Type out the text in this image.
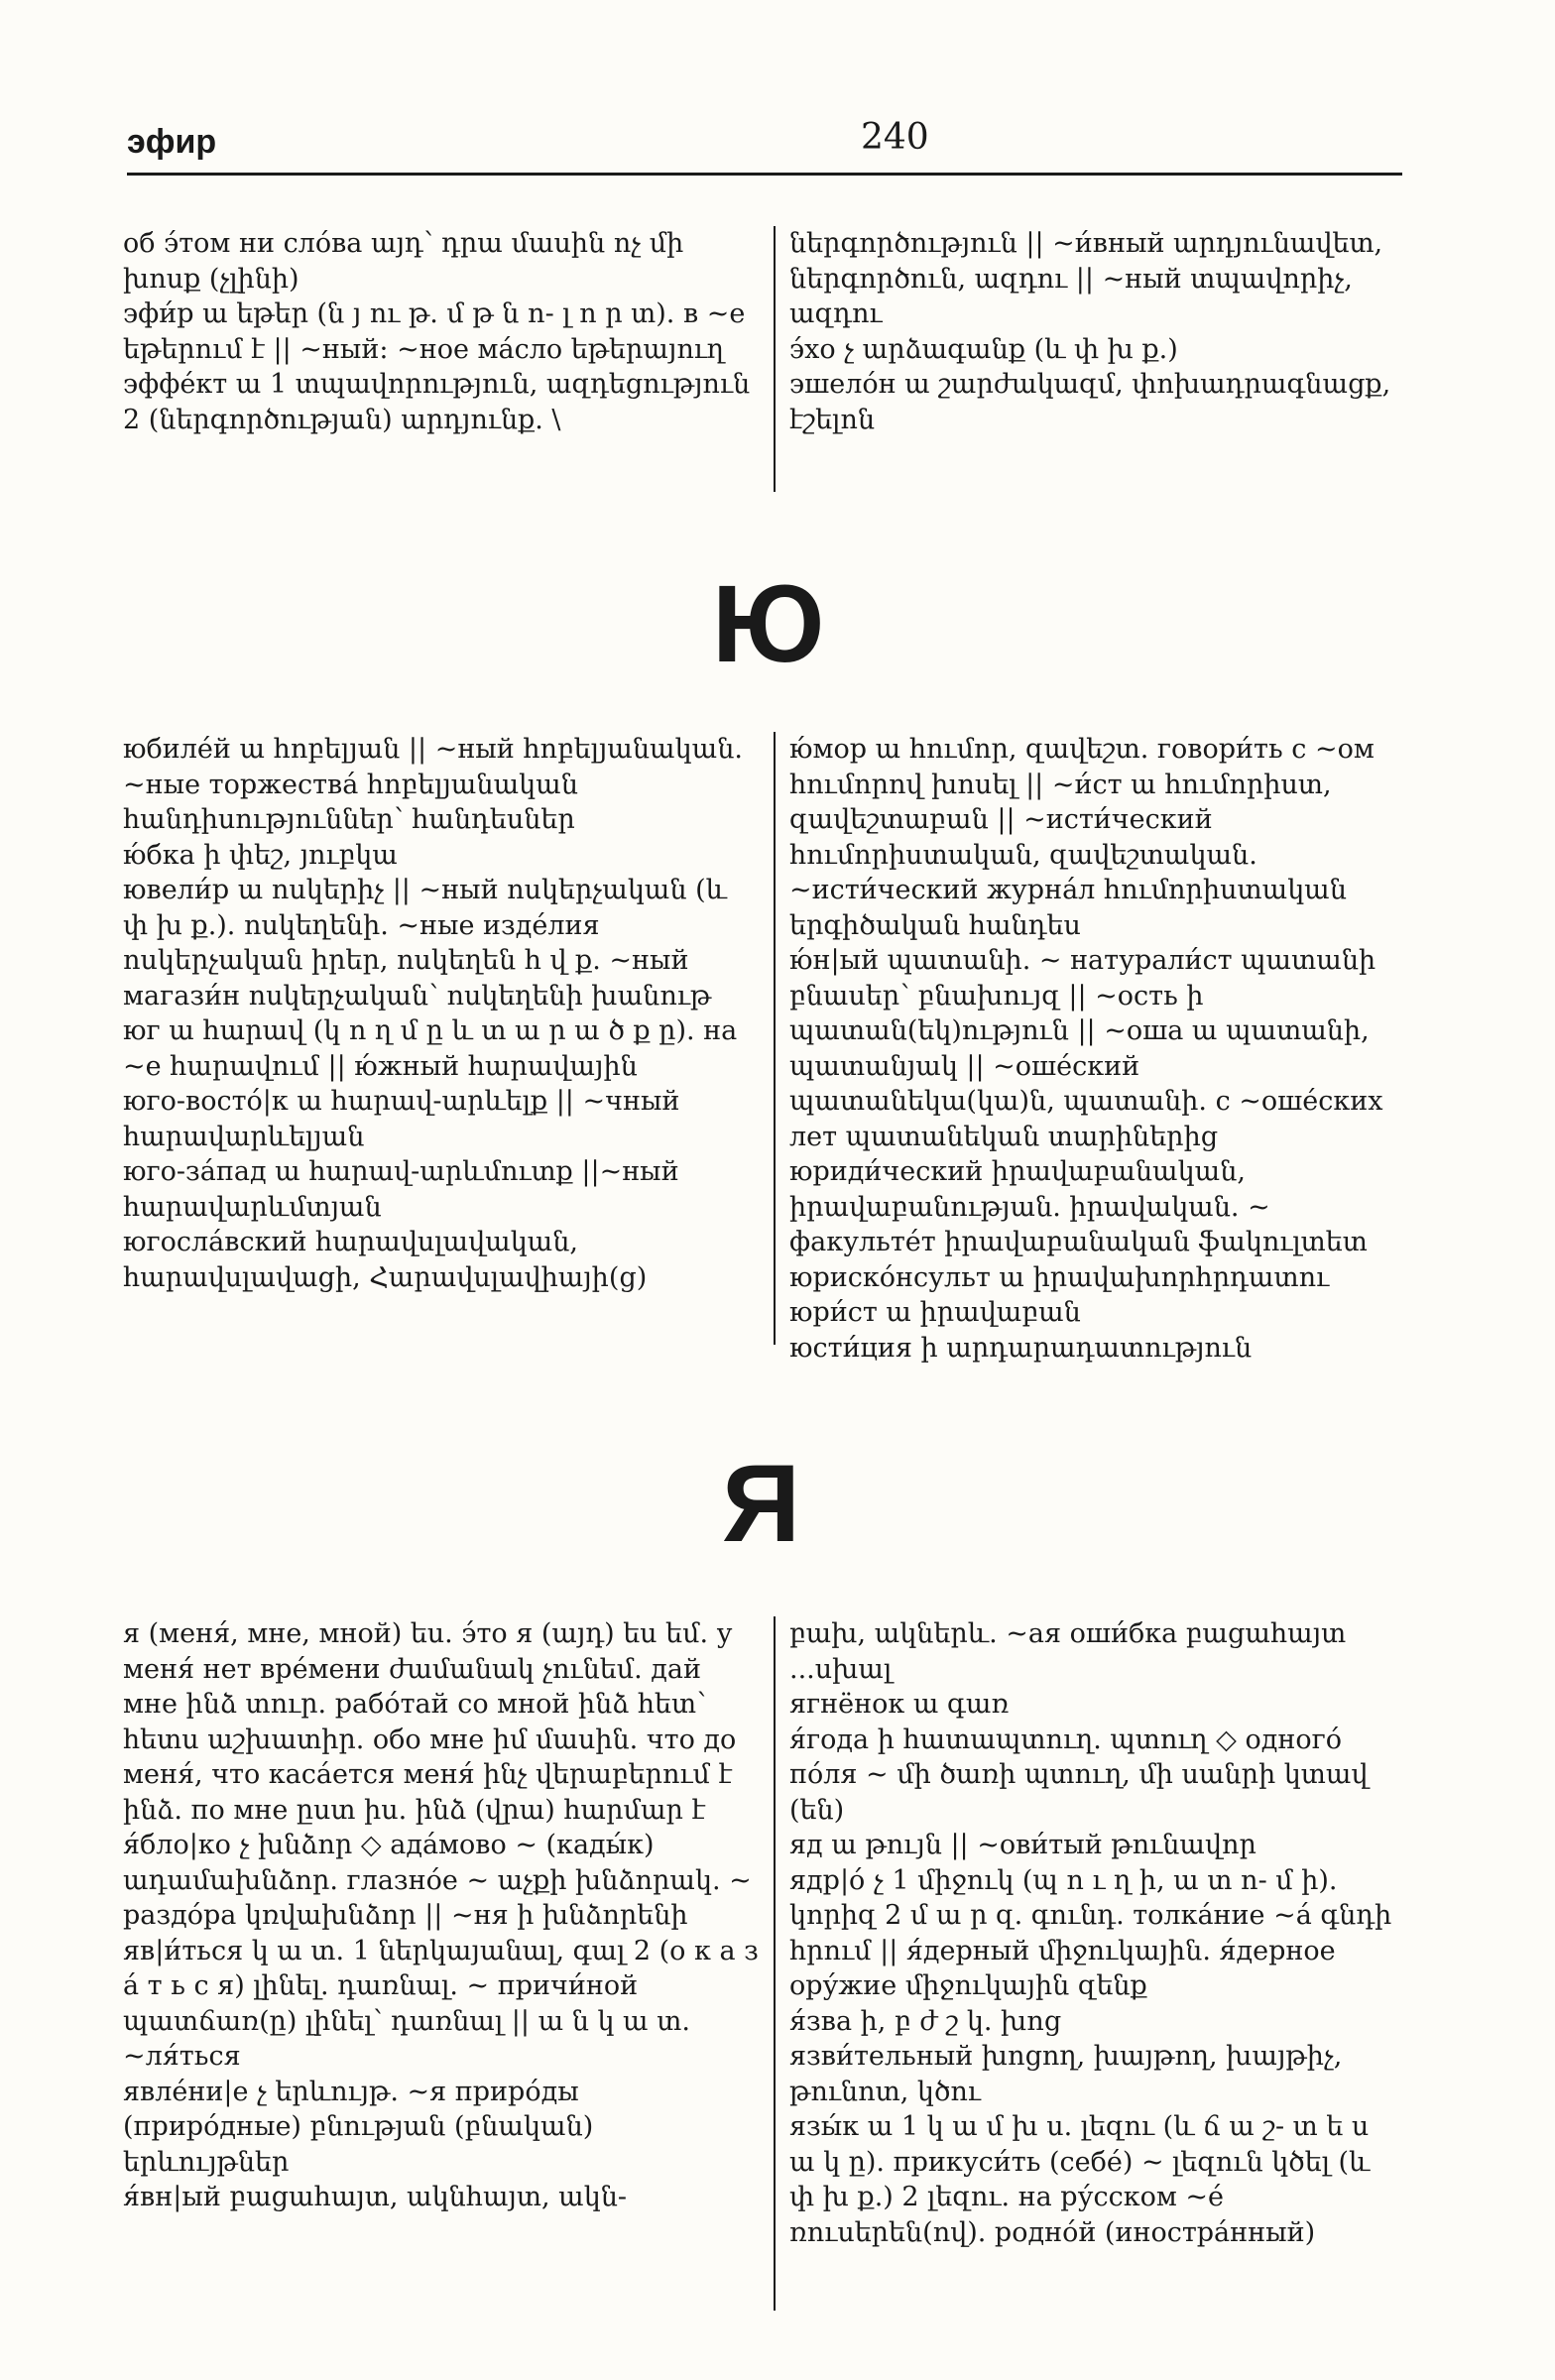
эфир	240

об э́том ни сло́ва այդ՝ դրա մասին ոչ մի խոսք (չլինի)

эфи́р ա եթեր (ն յ ու թ. մ թ ն ո- լ ո ր տ). в ~е եթերում է || ~ный: ~ное ма́сло եթերայուղ

эффе́кт ա 1 տպավորություն, ազդեցություն 2 (ներգործության) արդյունք. \

ներգործություն || ~и́вный արդյունավետ, ներգործուն, ազդու || ~ный տպավորիչ, ազդու

э́хо չ արձագանք (և փ խ ք.)

эшело́н ա շարժակազմ, փոխադրագնացք, էշելոն

Ю

юбиле́й ա հոբելյան || ~ный հոբելյանական. ~ные торжества́ հոբելյանական հանդիսություններ՝ հանդեսներ

ю́бка ի փեշ, յուբկա

ювели́р ա ոսկերիչ || ~ный ոսկերչական (և փ խ ք.). ոսկեղենի. ~ные изде́лия ոսկերչական իրեր, ոսկեղեն հ վ ք. ~ный магази́н ոսկերչական՝ ոսկեղենի խանութ

юг ա հարավ (կ ո ղ մ ը և տ ա ր ա ծ ք ը). на ~е հարավում || ю́жный հարավային

юго-восто́|к ա հարավ-արևելք || ~чный հարավարևելյան

юго-за́пад ա հարավ-արևմուտք ||~ный հարավարևմտյան

югосла́вский հարավսլավական, հարավսլավացի, Հարավսլավիայի(ց)

ю́мор ա հումոր, զավեշտ. говори́ть с ~ом հումորով խոսել || ~и́ст ա հումորիստ, զավեշտաբան || ~исти́ческий հումորիստական, զավեշտական. ~исти́ческий журна́л հումորիստական երգիծական հանդես

ю́н|ый պատանի. ~ натурали́ст պատանի բնասեր՝ բնախույզ || ~ость ի պատան(եկ)ություն || ~оша ա պատանի, պատանյակ || ~оше́ский պատանեկա(կա)ն, պատանի. с ~оше́ских лет պատանեկան տարիներից

юриди́ческий իրավաբանական, իրավաբանության. իրավական. ~ факульте́т իրավաբանական ֆակուլտետ

юриско́нсульт ա իրավախորհրդատու

юри́ст ա իրավաբան

юсти́ция ի արդարադատություն

Я

я (меня́, мне, мной) ես. э́то я (այդ) ես եմ. у меня́ нет вре́мени ժամանակ չունեմ. дай мне ինձ տուր. рабо́тай со мной ինձ հետ՝ հետս աշխատիր. обо мне իմ մասին. что до меня́, что каса́ется меня́ ինչ վերաբերում է ինձ. по мне ըստ իս. ինձ (վրա) հարմար է

я́бло|ко չ խնձոր ◇ ада́мово ~ (кады́к) ադամախնձոր. глазно́е ~ աչքի խնձորակ. ~ раздо́ра կռվախնձոր || ~ня ի խնձորենի

яв|и́ться կ ա տ. 1 ներկայանալ, գալ 2 (о к а з а́ т ь с я) լինել. դառնալ. ~ причи́ной պատճառ(ը) լինել՝ դառնալ || ա ն կ ա տ. ~ля́ться

явле́ни|е չ երևույթ. ~я приро́ды (приро́дные) բնության (բնական) երևույթներ

я́вн|ый բացահայտ, ակնհայտ, ակն-

բախ, ակներև. ~ая оши́бка բացահայտ ...սխալ

ягнёнок ա գառ

я́года ի հատապտուղ. պտուղ ◇ одного́ по́ля ~ մի ծառի պտուղ, մի սանրի կտավ (են)

яд ա թույն || ~ови́тый թունավոր

ядр|о́ չ 1 միջուկ (պ ո ւ ղ ի, ա տ ո- մ ի). կորիզ 2 մ ա ր զ. գունդ. толка́ние ~а́ գնդի հրում || я́дерный միջուկային. я́дерное ору́жие միջուկային զենք

я́зва ի, բ ժ շ կ. խոց

язви́тельный խոցող, խայթող, խայթիչ, թունոտ, կծու

язы́к ա 1 կ ա մ խ ս. լեզու (և ճ ա շ- տ ե ս ա կ ը). прикуси́ть (себе́) ~ լեզուն կծել (և փ խ ք.) 2 լեզու. на ру́сском ~е́ ռուսերեն(ով). родно́й (иностра́нный)
